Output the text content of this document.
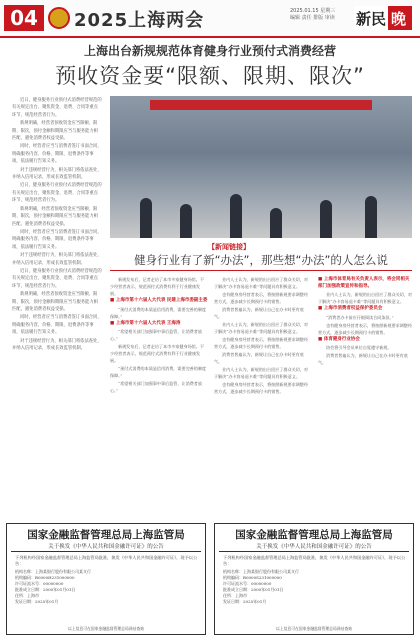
04	2025上海两会	2025.01.15 星期三
编辑 责任 排版 审读	新民 晚
上海出台新规规范体育健身行业预付式消费经营
预收资金要“限额、限期、限次”

近日，健身服务行业预付式消费经营规范的有关规定出台，聚焦资金、退费、合同等重点环节，规范经营者行为。

新规明确，经营者预收资金应当限额、限期、限次，预付金额和期限应当与服务能力相匹配，避免消费者权益受损。

同时，经营者应当与消费者签订书面合同，明确服务内容、价格、期限、退费条件等事项，依法履行告知义务。

对于违规经营行为，相关部门将依法查处，并纳入信用记录，形成长效监管机制。

近日，健身服务行业预付式消费经营规范的有关规定出台，聚焦资金、退费、合同等重点环节，规范经营者行为。

新规明确，经营者预收资金应当限额、限期、限次，预付金额和期限应当与服务能力相匹配，避免消费者权益受损。

同时，经营者应当与消费者签订书面合同，明确服务内容、价格、期限、退费条件等事项，依法履行告知义务。

对于违规经营行为，相关部门将依法查处，并纳入信用记录，形成长效监管机制。

近日，健身服务行业预付式消费经营规范的有关规定出台，聚焦资金、退费、合同等重点环节，规范经营者行为。

新规明确，经营者预收资金应当限额、限期、限次，预付金额和期限应当与服务能力相匹配，避免消费者权益受损。

同时，经营者应当与消费者签订书面合同，明确服务内容、价格、期限、退费条件等事项，依法履行告知义务。

对于违规经营行为，相关部门将依法查处，并纳入信用记录，形成长效监管机制。

【新闻链接】
健身行业有了新“办法”，那些想“办法”的人怎么说

新规发布后，记者走访了本市多家健身场馆。不少经营者表示，规范预付式消费有利于行业健康发展。

■ 上海市第十六届人大代表 民建上海市委副主委

“预付式消费的本质是信用消费，需要完善的制度保障。”

■ 上海市第十六届人大代表 王海涛

“希望相关部门加强事中事后监管，让消费者放心。”

新规发布后，记者走访了本市多家健身场馆。不少经营者表示，规范预付式消费有利于行业健康发展。

“预付式消费的本质是信用消费，需要完善的制度保障。”

“希望相关部门加强事中事后监管，让消费者放心。”

业内人士认为，新规的出台回应了群众关切，对于解决“办卡容易退卡难”等问题具有积极意义。

也有健身房经营者表示，将按照新规要求调整经营方式，逐步减少长期预付卡的销售。

消费者普遍认为，新规让自己在办卡时更有底气。

业内人士认为，新规的出台回应了群众关切，对于解决“办卡容易退卡难”等问题具有积极意义。

也有健身房经营者表示，将按照新规要求调整经营方式，逐步减少长期预付卡的销售。

消费者普遍认为，新规让自己在办卡时更有底气。

业内人士认为，新规的出台回应了群众关切，对于解决“办卡容易退卡难”等问题具有积极意义。

也有健身房经营者表示，将按照新规要求调整经营方式，逐步减少长期预付卡的销售。

■ 上海市体育局有关负责人表示，将会同相关部门加强政策宣传和指导。

业内人士认为，新规的出台回应了群众关切，对于解决“办卡容易退卡难”等问题具有积极意义。

■ 上海市消费者权益保护委员会

“消费者办卡前应仔细阅读合同条款。”

也有健身房经营者表示，将按照新规要求调整经营方式，逐步减少长期预付卡的销售。

■ 体育健身行业协会

协会将引导会员单位自觉遵守新规。

消费者普遍认为，新规让自己在办卡时更有底气。

国家金融监督管理总局上海监管局
关于换发《中华人民共和国金融许可证》的公告
下列机构经国家金融监督管理总局上海监管局批准，换发《中华人民共和国金融许可证》，现予以公告：
机构名称：上海某银行股份有限公司某支行
机构编码：B0000H231000000
许可证流水号：00000000
批准成立日期：2000年01月01日
住所：上海市
发证日期：2025年01月
以上信息可在国家金融监督管理总局网站查询
国家金融监督管理总局上海监管局
关于换发《中华人民共和国金融许可证》的公告
下列机构经国家金融监督管理总局上海监管局批准，换发《中华人民共和国金融许可证》，现予以公告：
机构名称：上海某银行股份有限公司某支行
机构编码：B0000S231000000
许可证流水号：00000000
批准成立日期：2000年01月01日
住所：上海市
发证日期：2025年01月
以上信息可在国家金融监督管理总局网站查询
